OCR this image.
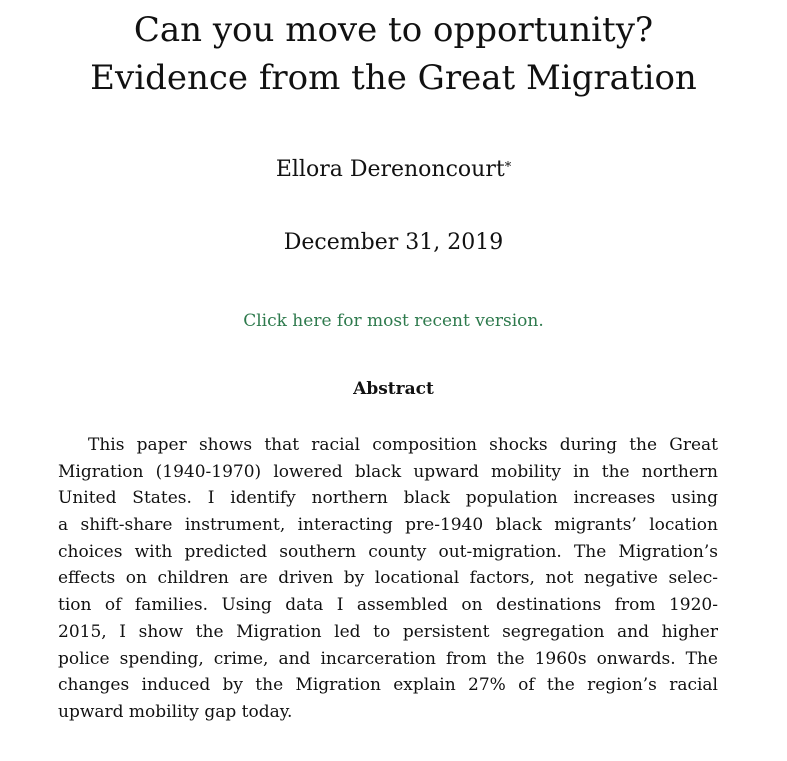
Can you move to opportunity?
Evidence from the Great Migration
Ellora Derenoncourt*
December 31, 2019
Click here for most recent version.
Abstract
This paper shows that racial composition shocks during the Great
Migration (1940-1970) lowered black upward mobility in the northern
United States. I identify northern black population increases using
a shift-share instrument, interacting pre-1940 black migrants’ location
choices with predicted southern county out-migration. The Migration’s
effects on children are driven by locational factors, not negative selec-
tion of families. Using data I assembled on destinations from 1920-
2015, I show the Migration led to persistent segregation and higher
police spending, crime, and incarceration from the 1960s onwards. The
changes induced by the Migration explain 27% of the region’s racial
upward mobility gap today.
